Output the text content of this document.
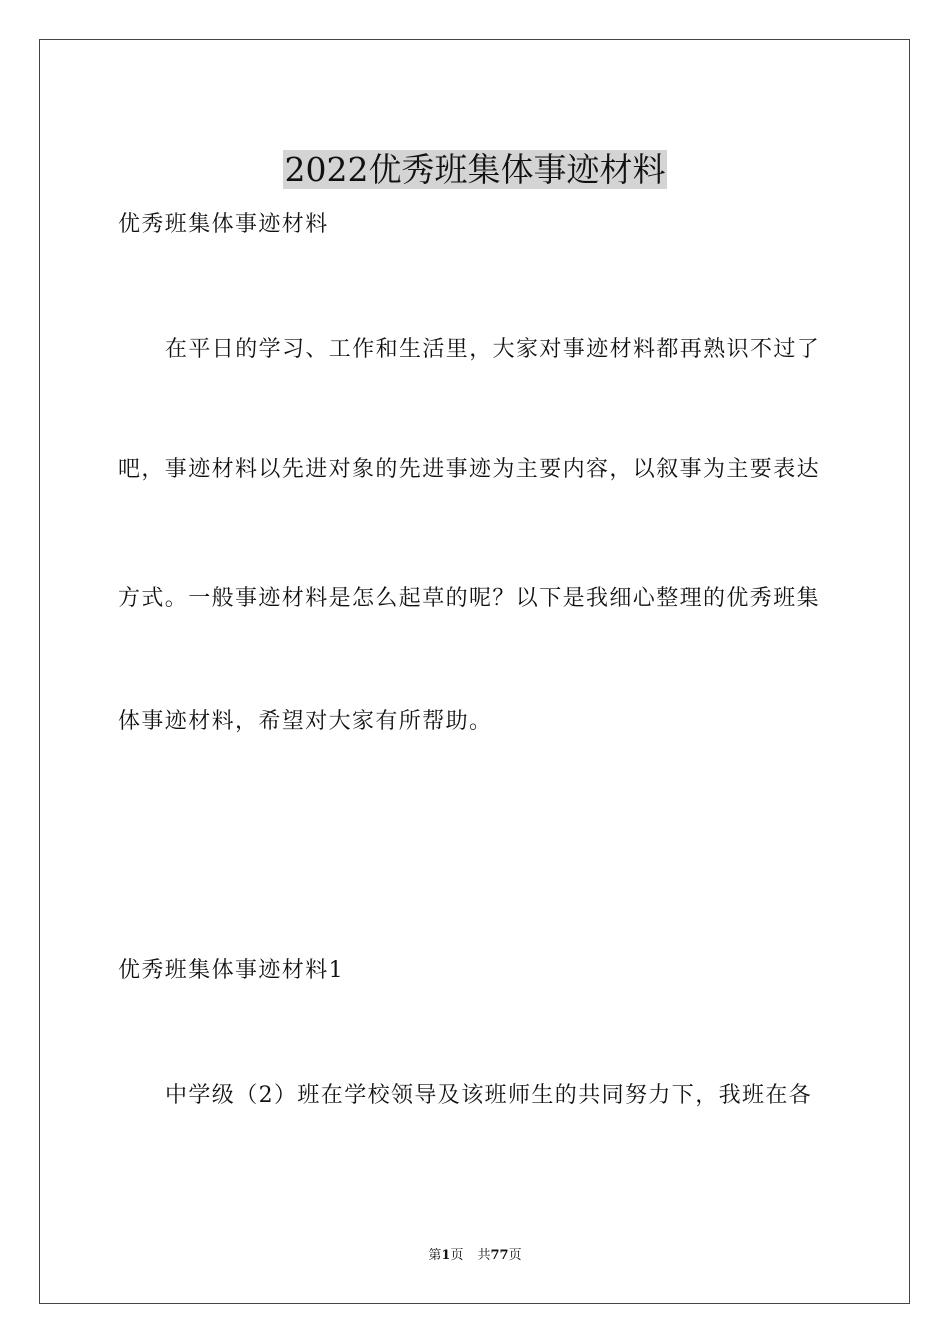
2022优秀班集体事迹材料
优秀班集体事迹材料
在平日的学习、工作和生活里，大家对事迹材料都再熟识不过了
吧，事迹材料以先进对象的先进事迹为主要内容，以叙事为主要表达
方式。一般事迹材料是怎么起草的呢？以下是我细心整理的优秀班集
体事迹材料，希望对大家有所帮助。
优秀班集体事迹材料1
中学级（2）班在学校领导及该班师生的共同努力下，我班在各
第1页 共77页
